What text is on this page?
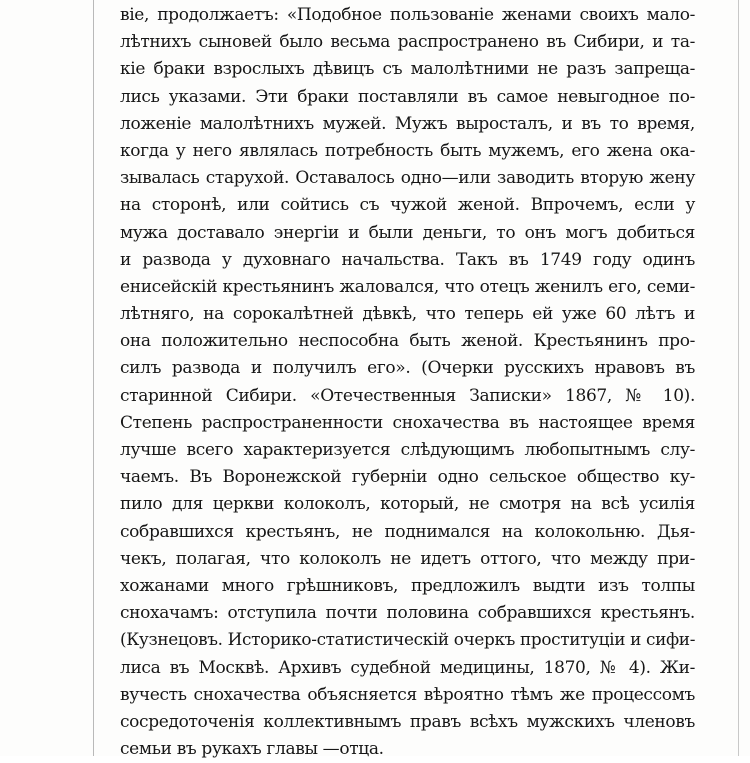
віе, продолжаетъ: «Подобное пользованіе женами своихъ мало-
лѣтнихъ сыновей было весьма распространено въ Сибири, и та-
кіе браки взрослыхъ дѣвицъ съ малолѣтними не разъ запреща-
лись указами. Эти браки поставляли въ самое невыгодное по-
ложеніе малолѣтнихъ мужей. Мужъ выросталъ, и въ то время,
когда у него являлась потребность быть мужемъ, его жена ока-
зывалась старухой. Оставалось одно—или заводить вторую жену
на сторонѣ, или сойтись съ чужой женой. Впрочемъ, если у
мужа доставало энергіи и были деньги, то онъ могъ добиться
и развода у духовнаго начальства. Такъ въ 1749 году одинъ
енисейскій крестьянинъ жаловался, что отецъ женилъ его, семи-
лѣтняго, на сорокалѣтней дѣвкѣ, что теперь ей уже 60 лѣтъ и
она положительно неспособна быть женой. Крестьянинъ про-
силъ развода и получилъ его». (Очерки русскихъ нравовъ въ
старинной Сибири. «Отечественныя Записки» 1867, № 10).
Степень распространенности снохачества въ настоящее время
лучше всего характеризуется слѣдующимъ любопытнымъ слу-
чаемъ. Въ Воронежской губерніи одно сельское общество ку-
пило для церкви колоколъ, который, не смотря на всѣ усилія
собравшихся крестьянъ, не поднимался на колокольню. Дья-
чекъ, полагая, что колоколъ не идетъ оттого, что между при-
хожанами много грѣшниковъ, предложилъ выдти изъ толпы
снохачамъ: отступила почти половина собравшихся крестьянъ.
(Кузнецовъ. Историко-статистическій очеркъ проституціи и сифи-
лиса въ Москвѣ. Архивъ судебной медицины, 1870, № 4). Жи-
вучесть снохачества объясняется вѣроятно тѣмъ же процессомъ
сосредоточенія коллективнымъ правъ всѣхъ мужскихъ членовъ
семьи въ рукахъ главы —отца.
